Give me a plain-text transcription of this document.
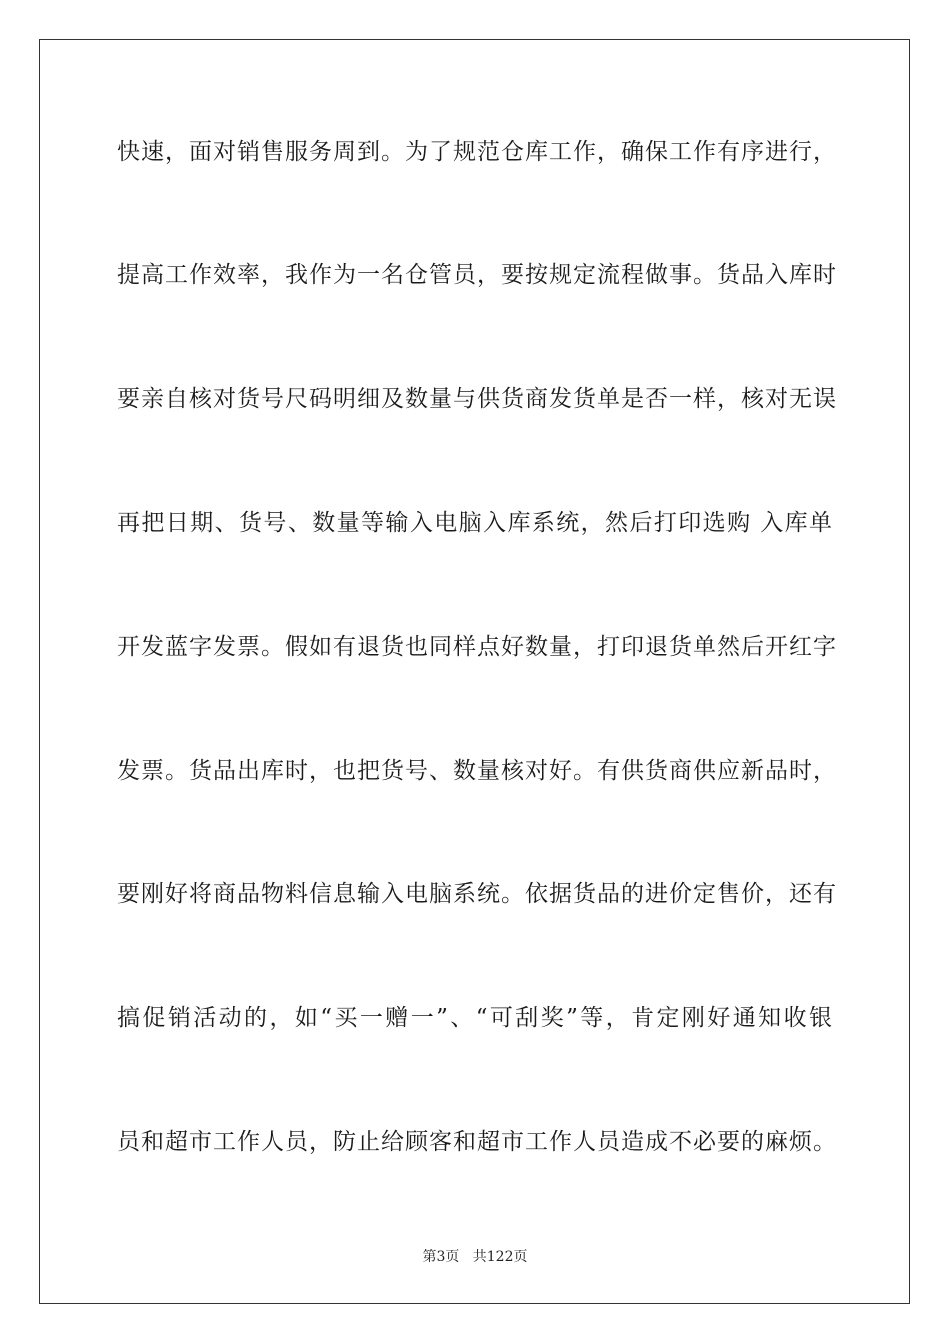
快速，面对销售服务周到。为了规范仓库工作，确保工作有序进行，
提高工作效率，我作为一名仓管员，要按规定流程做事。货品入库时
要亲自核对货号尺码明细及数量与供货商发货单是否一样，核对无误
再把日期、货号、数量等输入电脑入库系统，然后打印选购 入库单
开发蓝字发票。假如有退货也同样点好数量，打印退货单然后开红字
发票。货品出库时，也把货号、数量核对好。有供货商供应新品时，
要刚好将商品物料信息输入电脑系统。依据货品的进价定售价，还有
搞促销活动的，如“买一赠一”、“可刮奖”等，肯定刚好通知收银
员和超市工作人员，防止给顾客和超市工作人员造成不必要的麻烦。
第3页   共122页
